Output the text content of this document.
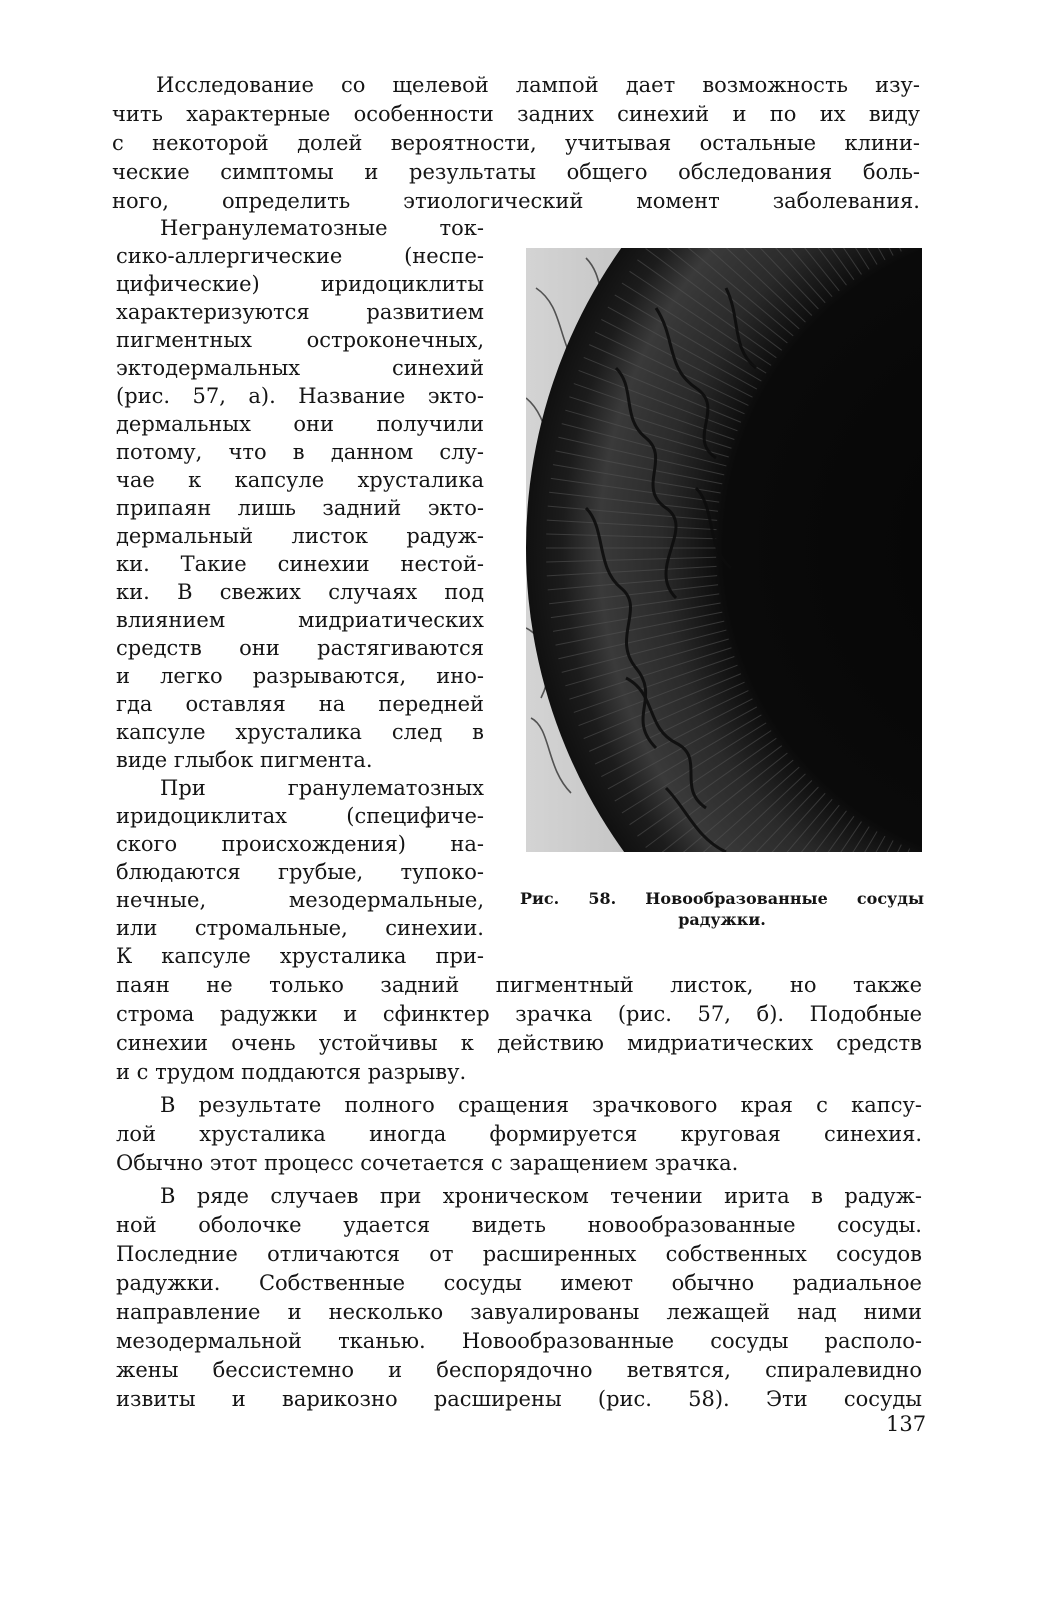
Исследование со щелевой лампой дает возможность изу-
чить характерные особенности задних синехий и по их виду
с некоторой долей вероятности, учитывая остальные клини-
ческие симптомы и результаты общего обследования боль-
ного, определить этиологический момент заболевания.
Негранулематозные ток-
сико-аллергические (неспе-
цифические) иридоциклиты
характеризуются развитием
пигментных остроконечных,
эктодермальных синехий
(рис. 57, а). Название экто-
дермальных они получили
потому, что в данном слу-
чае к капсуле хрусталика
припаян лишь задний экто-
дермальный листок радуж-
ки. Такие синехии нестой-
ки. В свежих случаях под
влиянием мидриатических
средств они растягиваются
и легко разрываются, ино-
гда оставляя на передней
капсуле хрусталика след в
виде глыбок пигмента.
При гранулематозных
иридоциклитах (специфиче-
ского происхождения) на-
блюдаются грубые, тупоко-
нечные, мезодермальные,
или стромальные, синехии.
К капсуле хрусталика при-
паян не только задний пигментный листок, но также
строма радужки и сфинктер зрачка (рис. 57, б). Подобные
синехии очень устойчивы к действию мидриатических средств
и с трудом поддаются разрыву.
В результате полного сращения зрачкового края с капсу-
лой хрусталика иногда формируется круговая синехия.
Обычно этот процесс сочетается с заращением зрачка.
В ряде случаев при хроническом течении ирита в радуж-
ной оболочке удается видеть новообразованные сосуды.
Последние отличаются от расширенных собственных сосудов
радужки. Собственные сосуды имеют обычно радиальное
направление и несколько завуалированы лежащей над ними
мезодермальной тканью. Новообразованные сосуды располо-
жены бессистемно и беспорядочно ветвятся, спиралевидно
извиты и варикозно расширены (рис. 58). Эти сосуды
Рис. 58. Новообразованные сосуды
радужки.
137
